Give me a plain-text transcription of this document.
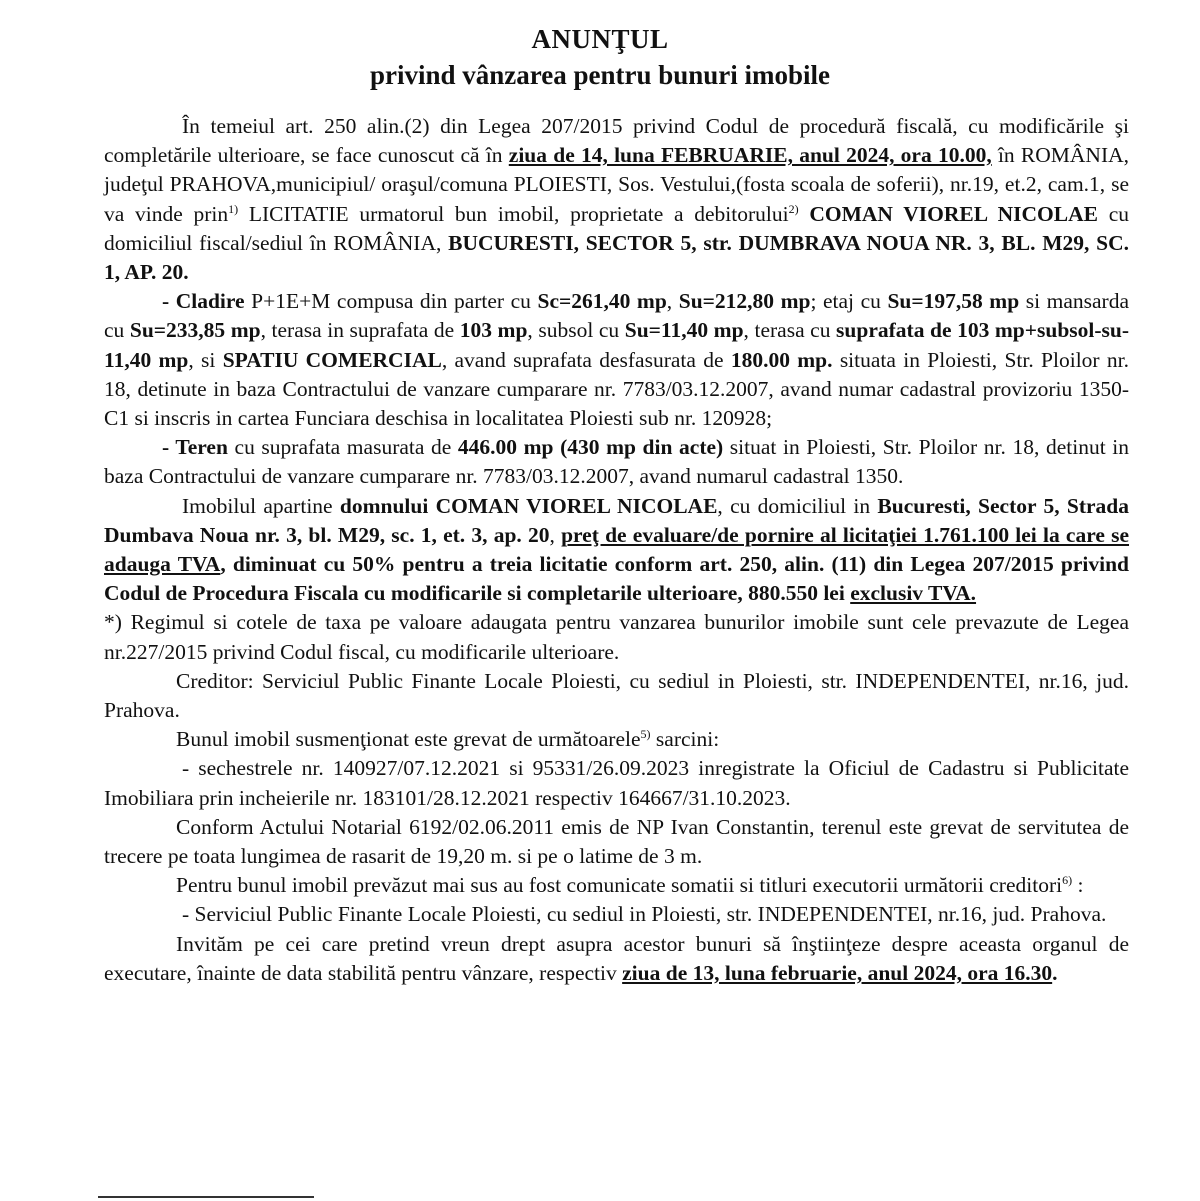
ANUNŢUL
privind vânzarea pentru bunuri imobile

În temeiul art. 250 alin.(2) din Legea 207/2015 privind Codul de procedură fiscală, cu modificările şi completările ulterioare, se face cunoscut că în ziua de 14, luna FEBRUARIE, anul 2024, ora 10.00, în ROMÂNIA, judeţul PRAHOVA,municipiul/ oraşul/comuna PLOIESTI, Sos. Vestului,(fosta scoala de soferii), nr.19, et.2, cam.1, se va vinde prin$^{1)}$ LICITATIE urmatorul bun imobil, proprietate a debitorului$^{2)}$ COMAN VIOREL NICOLAE cu domiciliul fiscal/sediul în ROMÂNIA, BUCURESTI, SECTOR 5, str. DUMBRAVA NOUA NR. 3, BL. M29, SC. 1, AP. 20.

- Cladire P+1E+M compusa din parter cu Sc=261,40 mp, Su=212,80 mp; etaj cu Su=197,58 mp si mansarda cu Su=233,85 mp, terasa in suprafata de 103 mp, subsol cu Su=11,40 mp, terasa cu suprafata de 103 mp+subsol-su-11,40 mp, si SPATIU COMERCIAL, avand suprafata desfasurata de 180.00 mp. situata in Ploiesti, Str. Ploilor nr. 18, detinute in baza Contractului de vanzare cumparare nr. 7783/03.12.2007, avand numar cadastral provizoriu 1350-C1 si inscris in cartea Funciara deschisa in localitatea Ploiesti sub nr. 120928;

- Teren cu suprafata masurata de 446.00 mp (430 mp din acte) situat in Ploiesti, Str. Ploilor nr. 18, detinut in baza Contractului de vanzare cumparare nr. 7783/03.12.2007, avand numarul cadastral 1350.

Imobilul apartine domnului COMAN VIOREL NICOLAE, cu domiciliul in Bucuresti, Sector 5, Strada Dumbava Noua nr. 3, bl. M29, sc. 1, et. 3, ap. 20, preţ de evaluare/de pornire al licitaţiei 1.761.100 lei la care se adauga TVA, diminuat cu 50% pentru a treia licitatie conform art. 250, alin. (11) din Legea 207/2015 privind Codul de Procedura Fiscala cu modificarile si completarile ulterioare, 880.550 lei exclusiv TVA.

*) Regimul si cotele de taxa pe valoare adaugata pentru vanzarea bunurilor imobile sunt cele prevazute de Legea nr.227/2015 privind Codul fiscal, cu modificarile ulterioare.

Creditor: Serviciul Public Finante Locale Ploiesti, cu sediul in Ploiesti, str. INDEPENDENTEI, nr.16, jud. Prahova.

Bunul imobil susmenţionat este grevat de următoarele$^{5)}$ sarcini:

- sechestrele nr. 140927/07.12.2021 si 95331/26.09.2023 inregistrate la Oficiul de Cadastru si Publicitate Imobiliara prin incheierile nr. 183101/28.12.2021 respectiv 164667/31.10.2023.

Conform Actului Notarial 6192/02.06.2011 emis de NP Ivan Constantin, terenul este grevat de servitutea de trecere pe toata lungimea de rasarit de 19,20 m. si pe o latime de 3 m.

Pentru bunul imobil prevăzut mai sus au fost comunicate somatii si titluri executorii următorii creditori$^{6)}$ :

- Serviciul Public Finante Locale Ploiesti, cu sediul in Ploiesti, str. INDEPENDENTEI, nr.16, jud. Prahova.

Invităm pe cei care pretind vreun drept asupra acestor bunuri să înştiinţeze despre aceasta organul de executare, înainte de data stabilită pentru vânzare, respectiv ziua de 13, luna februarie, anul 2024, ora 16.30.
